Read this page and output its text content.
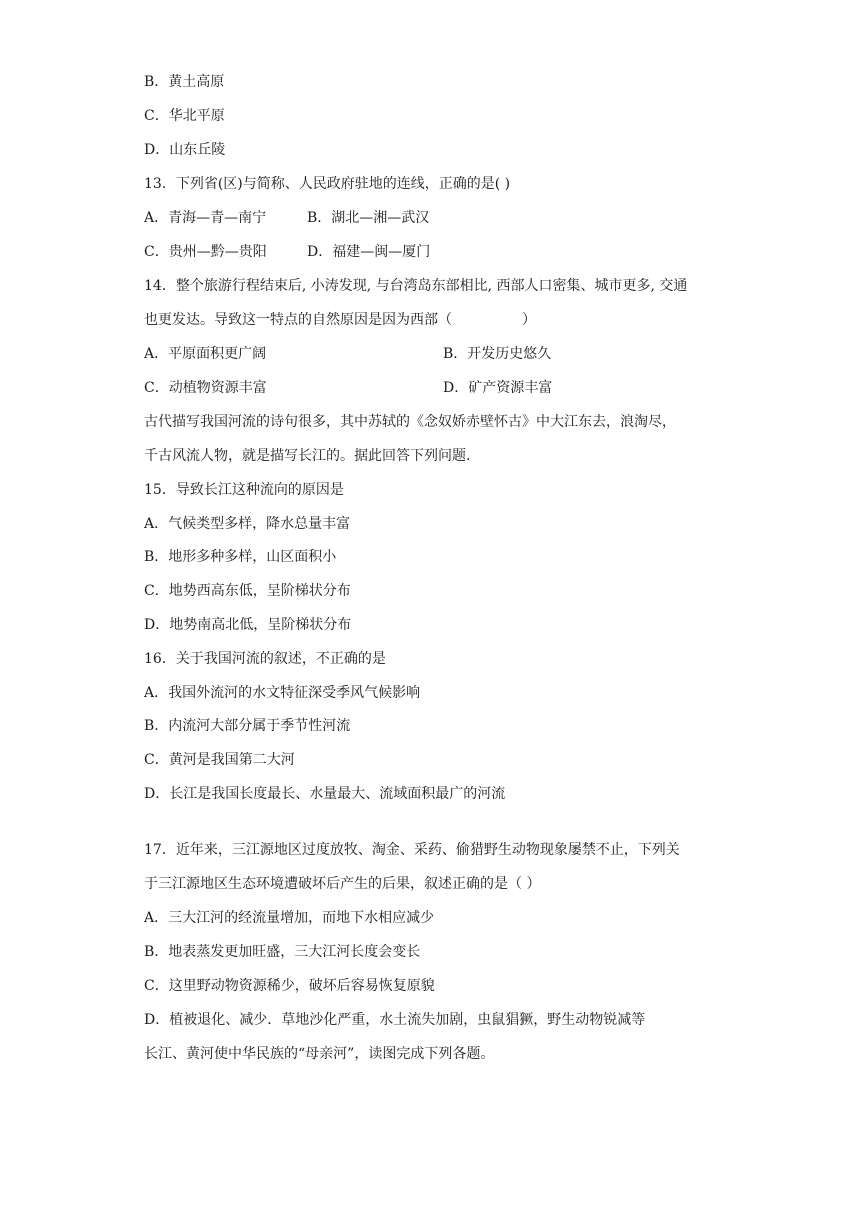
B．黄土高原
C．华北平原
D．山东丘陵
13．下列省(区)与简称、人民政府驻地的连线，正确的是( )
A．青海—青—南宁	B．湖北—湘—武汉
C．贵州—黔—贵阳	D．福建—闽—厦门
14．整个旅游行程结束后, 小涛发现, 与台湾岛东部相比, 西部人口密集、城市更多, 交通
也更发达。导致这一特点的自然原因是因为西部（　　　　　）
A．平原面积更广阔	B．开发历史悠久
C．动植物资源丰富	D．矿产资源丰富
古代描写我国河流的诗句很多，其中苏轼的《念奴娇赤壁怀古》中大江东去，浪淘尽，
千古风流人物，就是描写长江的。据此回答下列问题.
15．导致长江这种流向的原因是
A．气候类型多样，降水总量丰富
B．地形多种多样，山区面积小
C．地势西高东低，呈阶梯状分布
D．地势南高北低，呈阶梯状分布
16．关于我国河流的叙述，不正确的是
A．我国外流河的水文特征深受季风气候影响
B．内流河大部分属于季节性河流
C．黄河是我国第二大河
D．长江是我国长度最长、水量最大、流域面积最广的河流
17．近年来，三江源地区过度放牧、淘金、采药、偷猎野生动物现象屡禁不止，下列关
于三江源地区生态环境遭破坏后产生的后果，叙述正确的是（ ）
A．三大江河的经流量增加，而地下水相应减少
B．地表蒸发更加旺盛，三大江河长度会变长
C．这里野动物资源稀少，破坏后容易恢复原貌
D．植被退化、减少．草地沙化严重，水土流失加剧，虫鼠猖獗，野生动物锐减等
长江、黄河使中华民族的“母亲河”，读图完成下列各题。
